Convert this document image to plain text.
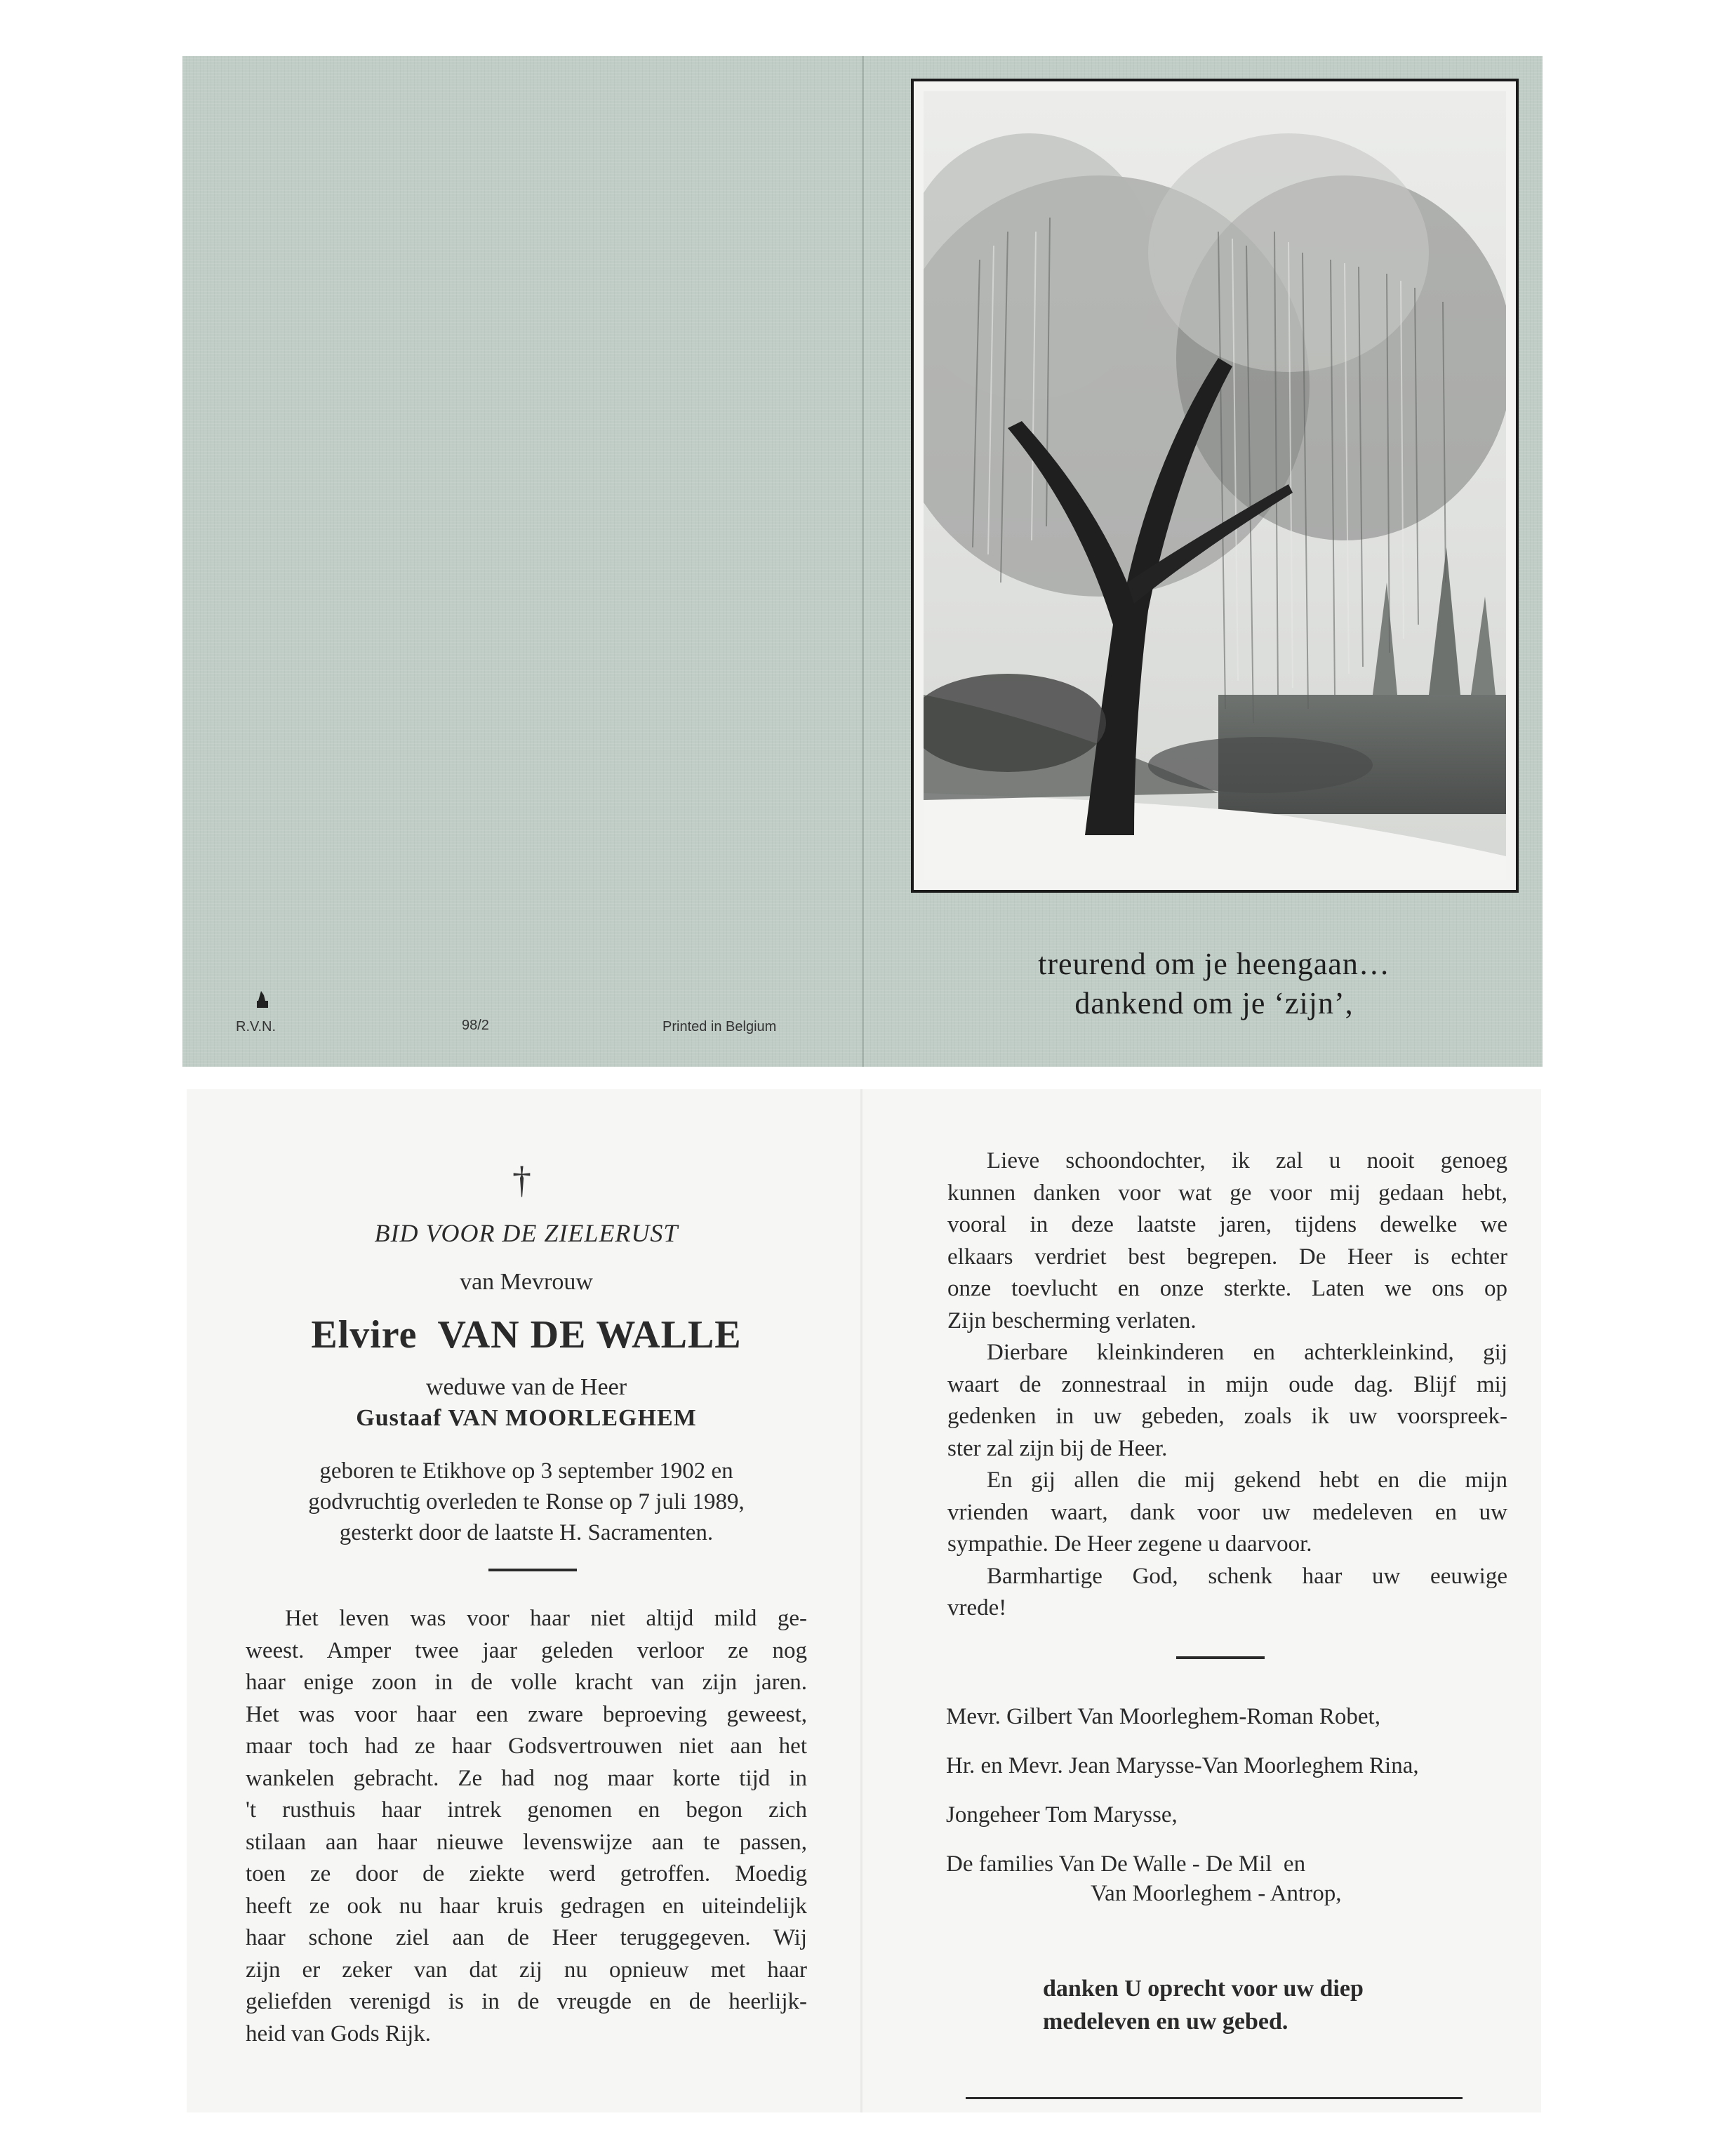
R.V.N.	98/2	Printed in Belgium
treurend om je heengaan…
dankend om je ‘zijn’,
†
BID VOOR DE ZIELERUST
van Mevrouw
Elvire  VAN DE WALLE
weduwe van de Heer
Gustaaf VAN MOORLEGHEM
geboren te Etikhove op 3 september 1902 en
godvruchtig overleden te Ronse op 7 juli 1989,
gesterkt door de laatste H. Sacramenten.
Het leven was voor haar niet altijd mild ge-
weest. Amper twee jaar geleden verloor ze nog
haar enige zoon in de volle kracht van zijn jaren.
Het was voor haar een zware beproeving geweest,
maar toch had ze haar Godsvertrouwen niet aan het
wankelen gebracht. Ze had nog maar korte tijd in
't rusthuis haar intrek genomen en begon zich
stilaan aan haar nieuwe levenswijze aan te passen,
toen ze door de ziekte werd getroffen. Moedig
heeft ze ook nu haar kruis gedragen en uiteindelijk
haar schone ziel aan de Heer teruggegeven. Wij
zijn er zeker van dat zij nu opnieuw met haar
geliefden verenigd is in de vreugde en de heerlijk-
heid van Gods Rijk.
Lieve schoondochter, ik zal u nooit genoeg
kunnen danken voor wat ge voor mij gedaan hebt,
vooral in deze laatste jaren, tijdens dewelke we
elkaars verdriet best begrepen. De Heer is echter
onze toevlucht en onze sterkte. Laten we ons op
Zijn bescherming verlaten.
Dierbare kleinkinderen en achterkleinkind, gij
waart de zonnestraal in mijn oude dag. Blijf mij
gedenken in uw gebeden, zoals ik uw voorspreek-
ster zal zijn bij de Heer.
En gij allen die mij gekend hebt en die mijn
vrienden waart, dank voor uw medeleven en uw
sympathie. De Heer zegene u daarvoor.
Barmhartige God, schenk haar uw eeuwige
vrede!
Mevr. Gilbert Van Moorleghem-Roman Robet,
Hr. en Mevr. Jean Marysse-Van Moorleghem Rina,
Jongeheer Tom Marysse,
De families Van De Walle - De Mil  en
Van Moorleghem - Antrop,
danken U oprecht voor uw diep
medeleven en uw gebed.
